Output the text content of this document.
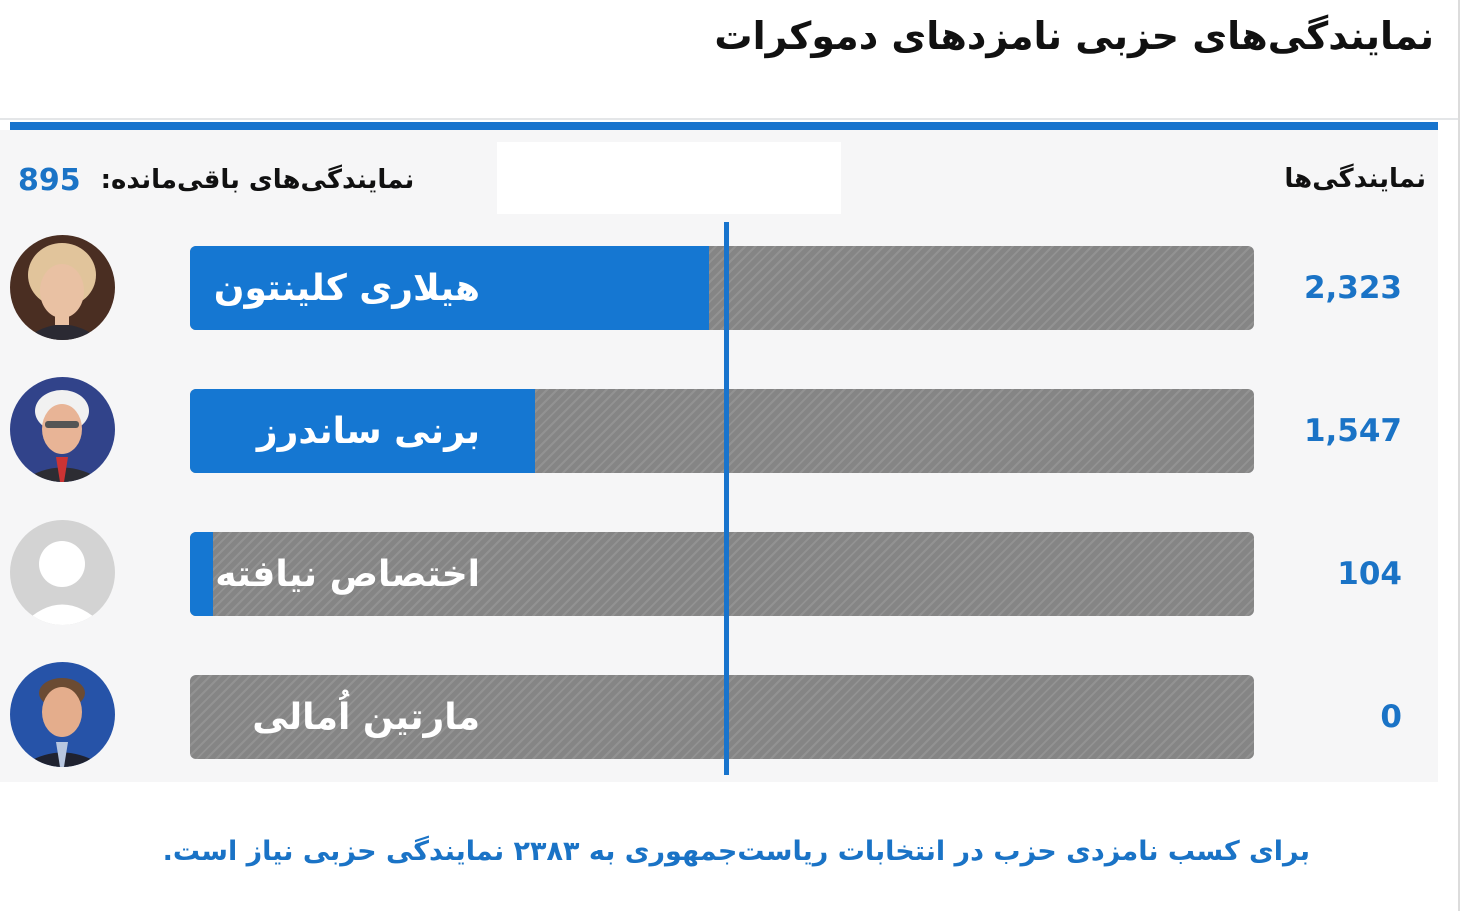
نمایندگی‌های حزبی نامزدهای دموکرات
895 نمایندگی‌های باقی‌مانده:	نمایندگی‌ها
هیلاری کلینتون	2,323
برنی ساندرز	1,547
اختصاص نیافته	104
مارتین اُمالی	0
برای کسب نامزدی حزب در انتخابات ریاست‌جمهوری به ۲۳۸۳ نمایندگی حزبی نیاز است.
